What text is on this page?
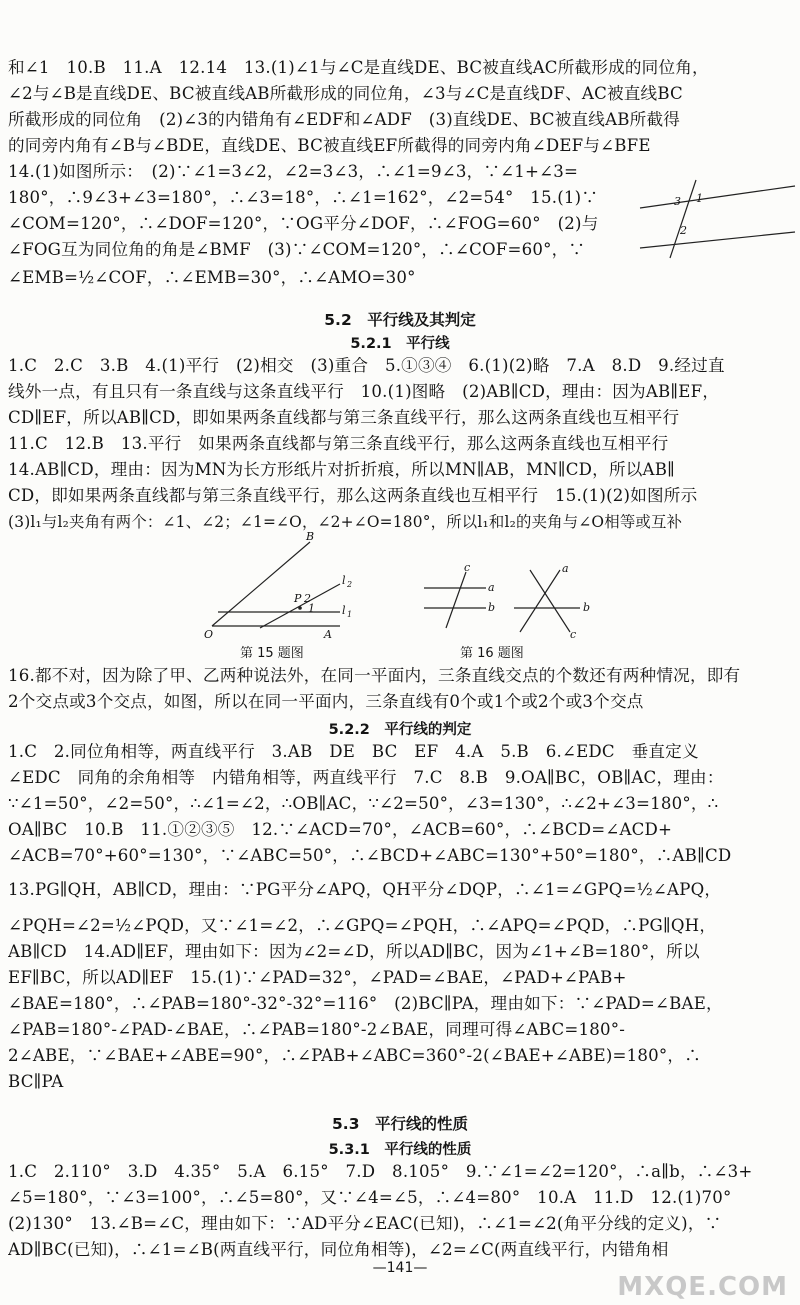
和∠1　10.B　11.A　12.14　13.(1)∠1与∠C是直线DE、BC被直线AC所截形成的同位角，
∠2与∠B是直线DE、BC被直线AB所截形成的同位角，∠3与∠C是直线DF、AC被直线BC
所截形成的同位角　(2)∠3的内错角有∠EDF和∠ADF　(3)直线DE、BC被直线AB所截得
的同旁内角有∠B与∠BDE，直线DE、BC被直线EF所截得的同旁内角∠DEF与∠BFE
14.(1)如图所示：　(2)∵∠1=3∠2，∠2=3∠3，∴∠1=9∠3，∵∠1+∠3=
180°，∴9∠3+∠3=180°，∴∠3=18°，∴∠1=162°，∠2=54°　15.(1)∵
∠COM=120°，∴∠DOF=120°，∵OG平分∠DOF，∴∠FOG=60°　(2)与
∠FOG互为同位角的角是∠BMF　(3)∵∠COM=120°，∴∠COF=60°，∵
∠EMB=½∠COF，∴∠EMB=30°，∴∠AMO=30°
3 1
2
5.2　平行线及其判定
5.2.1　平行线
1.C　2.C　3.B　4.(1)平行　(2)相交　(3)重合　5.①③④　6.(1)(2)略　7.A　8.D　9.经过直
线外一点，有且只有一条直线与这条直线平行　10.(1)图略　(2)AB∥CD，理由：因为AB∥EF，
CD∥EF，所以AB∥CD，即如果两条直线都与第三条直线平行，那么这两条直线也互相平行
11.C　12.B　13.平行　如果两条直线都与第三条直线平行，那么这两条直线也互相平行
14.AB∥CD，理由：因为MN为长方形纸片对折折痕，所以MN∥AB，MN∥CD，所以AB∥
CD，即如果两条直线都与第三条直线平行，那么这两条直线也互相平行　15.(1)(2)如图所示
(3)l₁与l₂夹角有两个：∠1、∠2；∠1=∠O，∠2+∠O=180°，所以l₁和l₂的夹角与∠O相等或互补
B
O	A
P
1
2
l 2
l 1
第 15 题图
c
a
b
a
b
c
第 16 题图
16.都不对，因为除了甲、乙两种说法外，在同一平面内，三条直线交点的个数还有两种情况，即有
2个交点或3个交点，如图，所以在同一平面内，三条直线有0个或1个或2个或3个交点
5.2.2　平行线的判定
1.C　2.同位角相等，两直线平行　3.AB　DE　BC　EF　4.A　5.B　6.∠EDC　垂直定义
∠EDC　同角的余角相等　内错角相等，两直线平行　7.C　8.B　9.OA∥BC，OB∥AC，理由：
∵∠1=50°，∠2=50°，∴∠1=∠2，∴OB∥AC，∵∠2=50°，∠3=130°，∴∠2+∠3=180°，∴
OA∥BC　10.B　11.①②③⑤　12.∵∠ACD=70°，∠ACB=60°，∴∠BCD=∠ACD+
∠ACB=70°+60°=130°，∵∠ABC=50°，∴∠BCD+∠ABC=130°+50°=180°，∴AB∥CD
13.PG∥QH，AB∥CD，理由：∵PG平分∠APQ，QH平分∠DQP，∴∠1=∠GPQ=½∠APQ，
∠PQH=∠2=½∠PQD，又∵∠1=∠2，∴∠GPQ=∠PQH，∴∠APQ=∠PQD，∴PG∥QH，
AB∥CD　14.AD∥EF，理由如下：因为∠2=∠D，所以AD∥BC，因为∠1+∠B=180°，所以
EF∥BC，所以AD∥EF　15.(1)∵∠PAD=32°，∠PAD=∠BAE，∠PAD+∠PAB+
∠BAE=180°，∴∠PAB=180°-32°-32°=116°　(2)BC∥PA，理由如下：∵∠PAD=∠BAE，
∠PAB=180°-∠PAD-∠BAE，∴∠PAB=180°-2∠BAE，同理可得∠ABC=180°-
2∠ABE，∵∠BAE+∠ABE=90°，∴∠PAB+∠ABC=360°-2(∠BAE+∠ABE)=180°，∴
BC∥PA
5.3　平行线的性质
5.3.1　平行线的性质
1.C　2.110°　3.D　4.35°　5.A　6.15°　7.D　8.105°　9.∵∠1=∠2=120°，∴a∥b，∴∠3+
∠5=180°，∵∠3=100°，∴∠5=80°，又∵∠4=∠5，∴∠4=80°　10.A　11.D　12.(1)70°
(2)130°　13.∠B=∠C，理由如下：∵AD平分∠EAC(已知)，∴∠1=∠2(角平分线的定义)，∵
AD∥BC(已知)，∴∠1=∠B(两直线平行，同位角相等)，∠2=∠C(两直线平行，内错角相
—141—
MXQE.COM
